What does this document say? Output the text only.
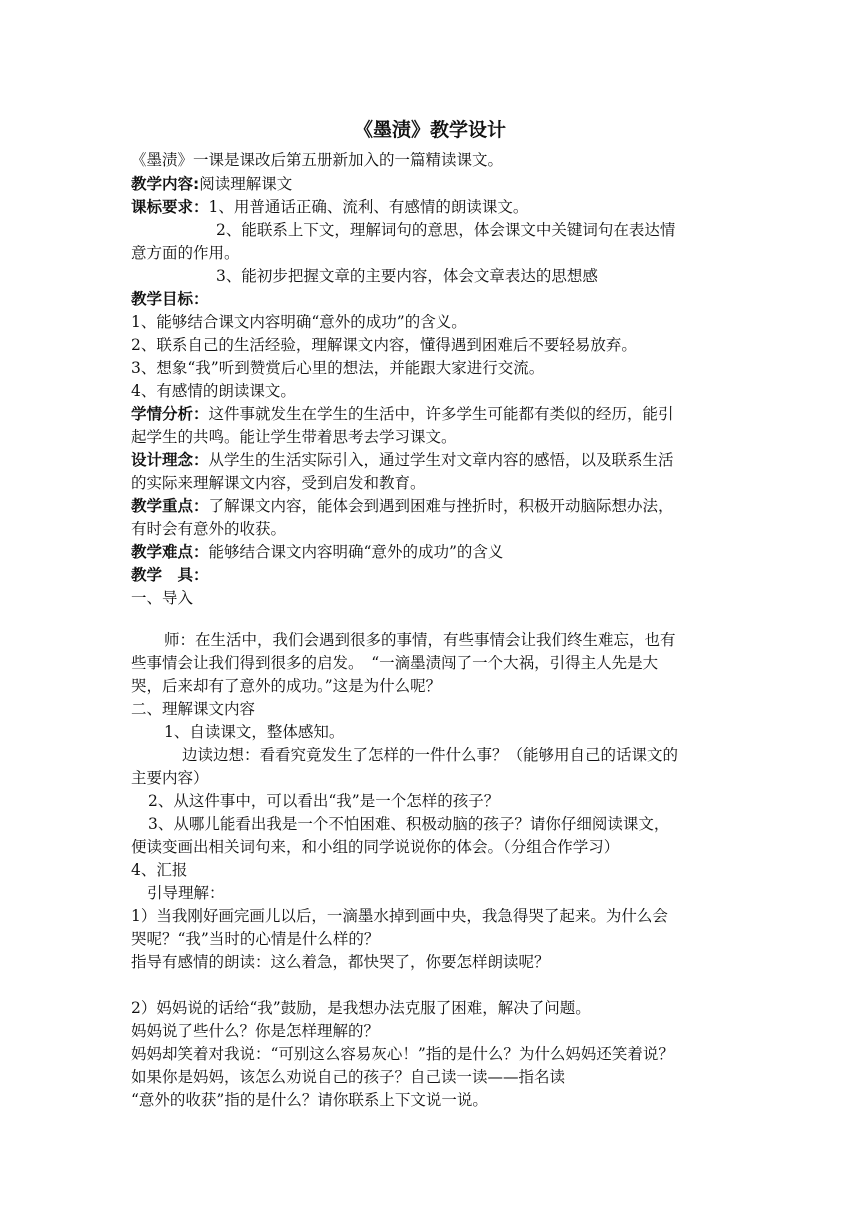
《墨渍》教学设计
《墨渍》一课是课改后第五册新加入的一篇精读课文。
教学内容:阅读理解课文
课标要求：1、用普通话正确、流利、有感情的朗读课文。
2、能联系上下文，理解词句的意思，体会课文中关键词句在表达情
意方面的作用。
3、能初步把握文章的主要内容，体会文章表达的思想感
教学目标：
1、能够结合课文内容明确“意外的成功”的含义。
2、联系自己的生活经验，理解课文内容，懂得遇到困难后不要轻易放弃。
3、想象“我”听到赞赏后心里的想法，并能跟大家进行交流。
4、有感情的朗读课文。
学情分析：这件事就发生在学生的生活中，许多学生可能都有类似的经历，能引
起学生的共鸣。能让学生带着思考去学习课文。
设计理念：从学生的生活实际引入，通过学生对文章内容的感悟，以及联系生活
的实际来理解课文内容，受到启发和教育。
教学重点：了解课文内容，能体会到遇到困难与挫折时，积极开动脑际想办法，
有时会有意外的收获。
教学难点：能够结合课文内容明确“意外的成功”的含义
教学　具：
一、导入
师：在生活中，我们会遇到很多的事情，有些事情会让我们终生难忘，也有
些事情会让我们得到很多的启发。　“一滴墨渍闯了一个大祸，引得主人先是大
哭，后来却有了意外的成功。”这是为什么呢？
二、理解课文内容
1、自读课文，整体感知。
边读边想：看看究竟发生了怎样的一件什么事？（能够用自己的话课文的
主要内容）
2、从这件事中，可以看出“我”是一个怎样的孩子？
3、从哪儿能看出我是一个不怕困难、积极动脑的孩子？请你仔细阅读课文，
便读变画出相关词句来，和小组的同学说说你的体会。（分组合作学习）
4、汇报
引导理解：
1）当我刚好画完画儿以后，一滴墨水掉到画中央，我急得哭了起来。为什么会
哭呢？“我”当时的心情是什么样的？
指导有感情的朗读：这么着急，都快哭了，你要怎样朗读呢？
2）妈妈说的话给“我”鼓励，是我想办法克服了困难，解决了问题。
妈妈说了些什么？你是怎样理解的？
妈妈却笑着对我说：“可别这么容易灰心！”指的是什么？为什么妈妈还笑着说？
如果你是妈妈，该怎么劝说自己的孩子？自己读一读——指名读
“意外的收获”指的是什么？请你联系上下文说一说。
